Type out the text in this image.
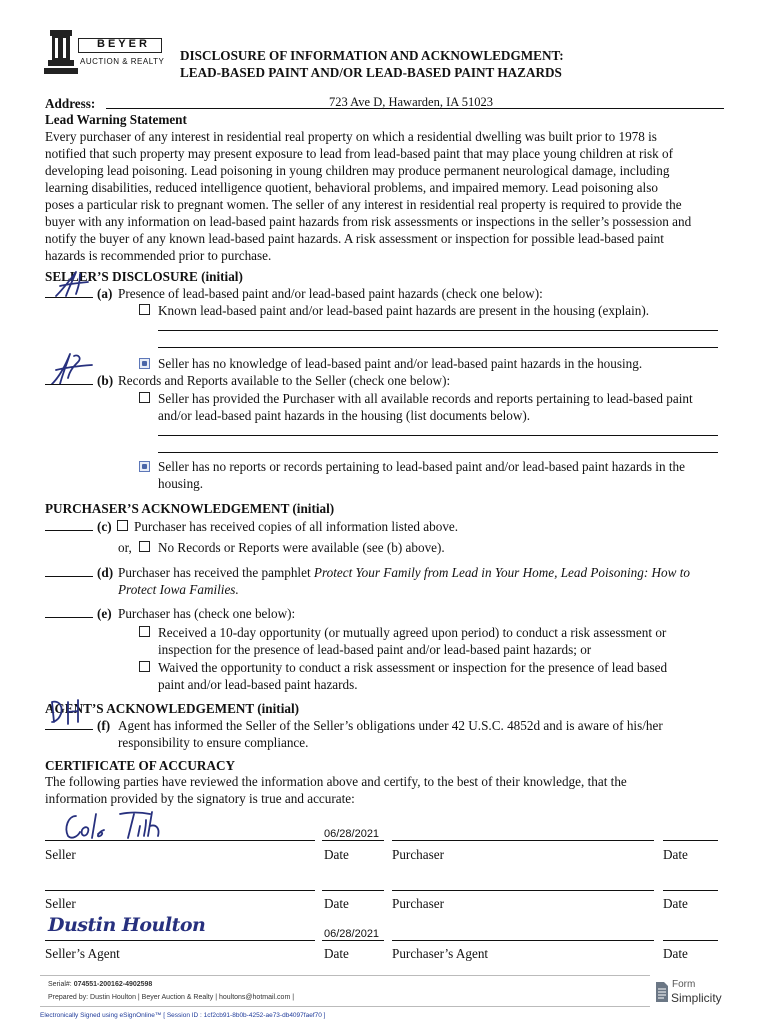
BEYER
AUCTION & REALTY DISCLOSURE OF INFORMATION AND ACKNOWLEDGMENT:
LEAD-BASED PAINT AND/OR LEAD-BASED PAINT HAZARDS
Address:	723 Ave D, Hawarden, IA 51023
Lead Warning Statement
Every purchaser of any interest in residential real property on which a residential dwelling was built prior to 1978 is
notified that such property may present exposure to lead from lead-based paint that may place young children at risk of
developing lead poisoning. Lead poisoning in young children may produce permanent neurological damage, including
learning disabilities, reduced intelligence quotient, behavioral problems, and impaired memory. Lead poisoning also
poses a particular risk to pregnant women. The seller of any interest in residential real property is required to provide the
buyer with any information on lead-based paint hazards from risk assessments or inspections in the seller’s possession and
notify the buyer of any known lead-based paint hazards. A risk assessment or inspection for possible lead-based paint
hazards is recommended prior to purchase.
SELLER’S DISCLOSURE (initial)
(a) Presence of lead-based paint and/or lead-based paint hazards (check one below):
Known lead-based paint and/or lead-based paint hazards are present in the housing (explain).
Seller has no knowledge of lead-based paint and/or lead-based paint hazards in the housing.
(b) Records and Reports available to the Seller (check one below):
Seller has provided the Purchaser with all available records and reports pertaining to lead-based paint
and/or lead-based paint hazards in the housing (list documents below).
Seller has no reports or records pertaining to lead-based paint and/or lead-based paint hazards in the
housing.
PURCHASER’S ACKNOWLEDGEMENT (initial)
(c) Purchaser has received copies of all information listed above.
or, No Records or Reports were available (see (b) above).
(d) Purchaser has received the pamphlet Protect Your Family from Lead in Your Home, Lead Poisoning: How to
Protect Iowa Families.
(e) Purchaser has (check one below):
Received a 10-day opportunity (or mutually agreed upon period) to conduct a risk assessment or
inspection for the presence of lead-based paint and/or lead-based paint hazards; or
Waived the opportunity to conduct a risk assessment or inspection for the presence of lead based
paint and/or lead-based paint hazards.
AGENT’S ACKNOWLEDGEMENT (initial)
(f) Agent has informed the Seller of the Seller’s obligations under 42 U.S.C. 4852d and is aware of his/her
responsibility to ensure compliance.
CERTIFICATE OF ACCURACY
The following parties have reviewed the information above and certify, to the best of their knowledge, that the
information provided by the signatory is true and accurate:
06/28/2021
Seller	Date	Purchaser	Date
Seller	Date	Purchaser	Date
Dustin Houlton	06/28/2021
Seller’s Agent	Date	Purchaser’s Agent	Date
Serial#: 074551-200162-4902598
Prepared by: Dustin Houlton | Beyer Auction & Realty | houltons@hotmail.com |
Electronically Signed using eSignOnline™ [ Session ID : 1cf2cb91-8b0b-4252-ae73-db4097faef70 ]
Form
Simplicity
